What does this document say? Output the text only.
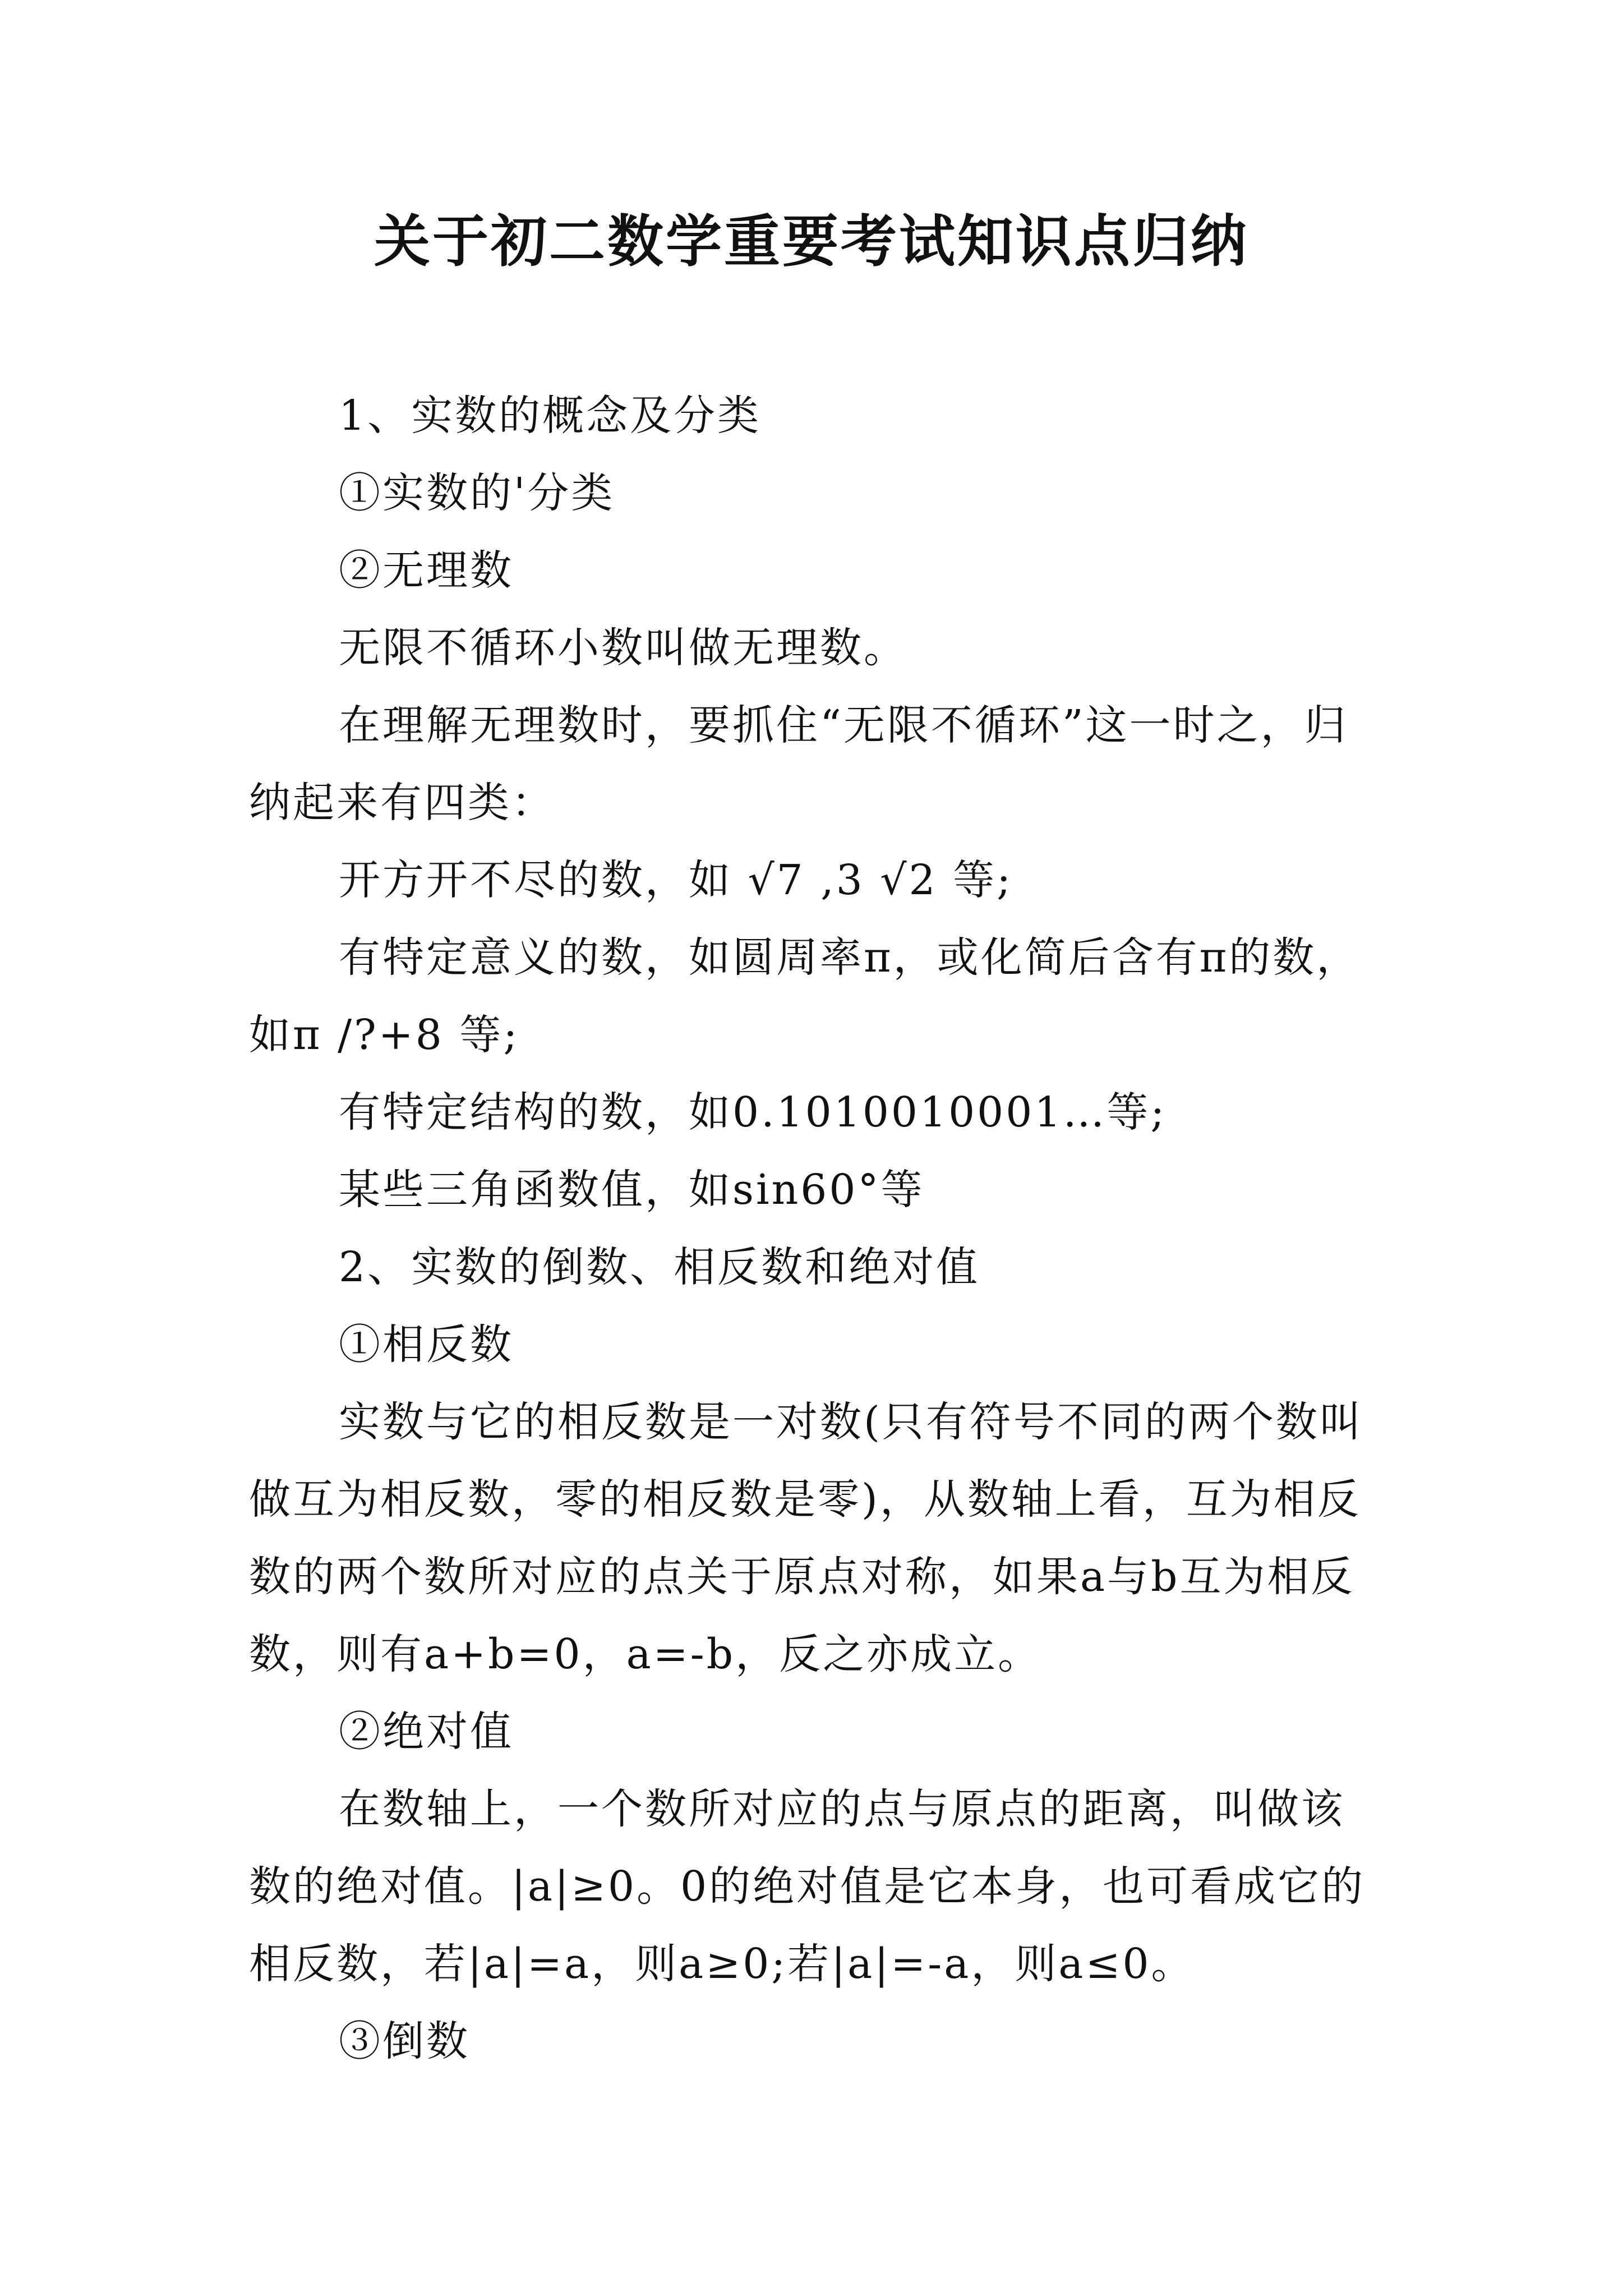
关于初二数学重要考试知识点归纳

1、实数的概念及分类

①实数的'分类

②无理数

无限不循环小数叫做无理数。

在理解无理数时，要抓住“无限不循环”这一时之，归纳起来有四类：

开方开不尽的数，如 √7 ,3 √2 等;

有特定意义的数，如圆周率π，或化简后含有π的数，如π /?+8 等;

有特定结构的数，如0.1010010001…等;

某些三角函数值，如sin60°等

2、实数的倒数、相反数和绝对值

①相反数

实数与它的相反数是一对数(只有符号不同的两个数叫做互为相反数，零的相反数是零)，从数轴上看，互为相反数的两个数所对应的点关于原点对称，如果a与b互为相反数，则有a+b=0，a=-b，反之亦成立。

②绝对值

在数轴上，一个数所对应的点与原点的距离，叫做该数的绝对值。|a|≥0。0的绝对值是它本身，也可看成它的相反数，若|a|=a，则a≥0;若|a|=-a，则a≤0。

③倒数
